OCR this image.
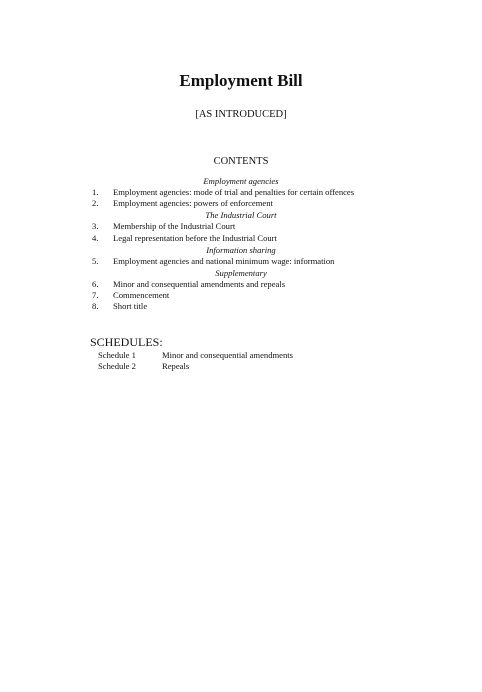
Employment Bill
[AS INTRODUCED]
CONTENTS
Employment agencies
1. Employment agencies: mode of trial and penalties for certain offences
2. Employment agencies: powers of enforcement
The Industrial Court
3. Membership of the Industrial Court
4. Legal representation before the Industrial Court
Information sharing
5. Employment agencies and national minimum wage: information
Supplementary
6. Minor and consequential amendments and repeals
7. Commencement
8. Short title
SCHEDULES:
Schedule 1	Minor and consequential amendments
Schedule 2	Repeals
